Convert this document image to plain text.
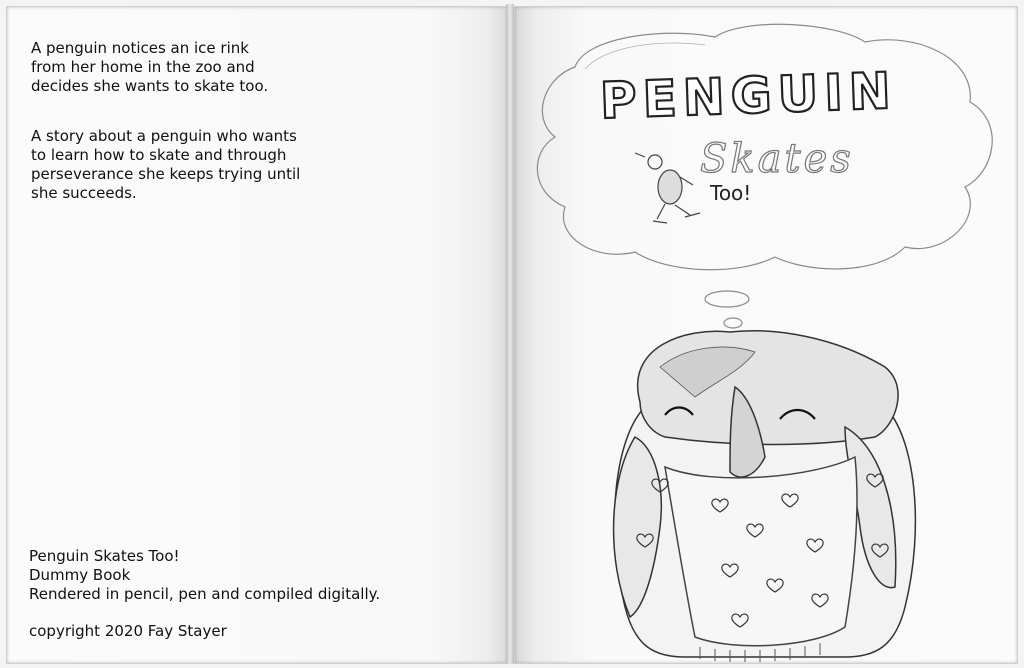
A penguin notices an ice rink
from her home in the zoo and
decides she wants to skate too.

A story about a penguin who wants
to learn how to skate and through
perseverance she keeps trying until
she succeeds.

Penguin Skates Too!
Dummy Book
Rendered in pencil, pen and compiled digitally.
copyright 2020 Fay Stayer
PENGUIN
Skates
Too!
